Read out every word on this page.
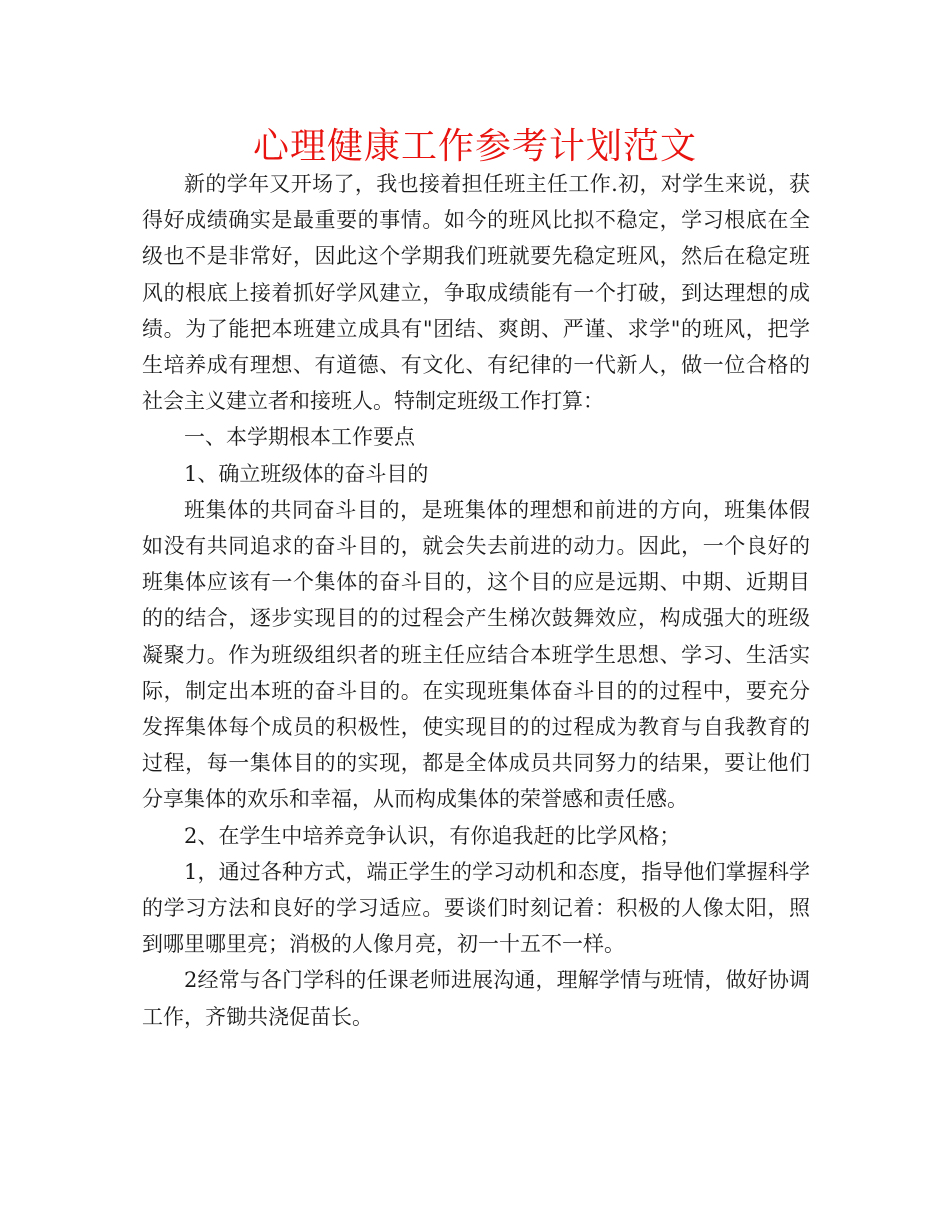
心理健康工作参考计划范文

新的学年又开场了，我也接着担任班主任工作.初，对学生来说，获得好成绩确实是最重要的事情。如今的班风比拟不稳定，学习根底在全级也不是非常好，因此这个学期我们班就要先稳定班风，然后在稳定班风的根底上接着抓好学风建立，争取成绩能有一个打破，到达理想的成绩。为了能把本班建立成具有"团结、爽朗、严谨、求学"的班风，把学生培养成有理想、有道德、有文化、有纪律的一代新人，做一位合格的社会主义建立者和接班人。特制定班级工作打算：

一、本学期根本工作要点

1、确立班级体的奋斗目的

班集体的共同奋斗目的，是班集体的理想和前进的方向，班集体假如没有共同追求的奋斗目的，就会失去前进的动力。因此，一个良好的班集体应该有一个集体的奋斗目的，这个目的应是远期、中期、近期目的的结合，逐步实现目的的过程会产生梯次鼓舞效应，构成强大的班级凝聚力。作为班级组织者的班主任应结合本班学生思想、学习、生活实际，制定出本班的奋斗目的。在实现班集体奋斗目的的过程中，要充分发挥集体每个成员的积极性，使实现目的的过程成为教育与自我教育的过程，每一集体目的的实现，都是全体成员共同努力的结果，要让他们分享集体的欢乐和幸福，从而构成集体的荣誉感和责任感。

2、在学生中培养竞争认识，有你追我赶的比学风格；

1，通过各种方式，端正学生的学习动机和态度，指导他们掌握科学的学习方法和良好的学习适应。要谈们时刻记着：积极的人像太阳，照到哪里哪里亮；消极的人像月亮，初一十五不一样。

2经常与各门学科的任课老师进展沟通，理解学情与班情，做好协调工作，齐锄共浇促苗长。
